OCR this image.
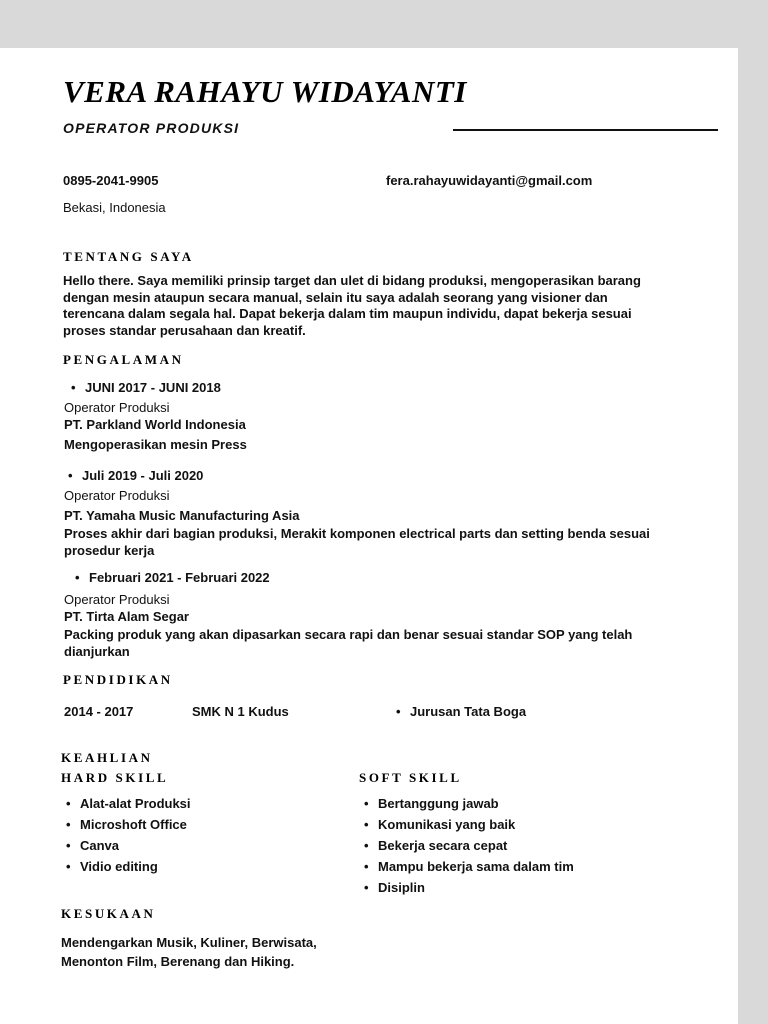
VERA RAHAYU WIDAYANTI
OPERATOR PRODUKSI
0895-2041-9905	fera.rahayuwidayanti@gmail.com
Bekasi, Indonesia
TENTANG SAYA
Hello there. Saya memiliki prinsip target dan ulet di bidang produksi, mengoperasikan barang dengan mesin ataupun secara manual, selain itu saya adalah seorang yang visioner dan terencana dalam segala hal. Dapat bekerja dalam tim maupun individu, dapat bekerja sesuai proses standar perusahaan dan kreatif.
PENGALAMAN
• JUNI 2017 - JUNI 2018
Operator Produksi
PT. Parkland World Indonesia
Mengoperasikan mesin Press
• Juli 2019 - Juli 2020
Operator Produksi
PT. Yamaha Music Manufacturing Asia
Proses akhir dari bagian produksi, Merakit komponen electrical parts dan setting benda sesuai prosedur kerja
• Februari 2021 - Februari 2022
Operator Produksi
PT. Tirta Alam Segar
Packing produk yang akan dipasarkan secara rapi dan benar sesuai standar SOP yang telah dianjurkan
PENDIDIKAN
2014 - 2017	SMK N 1 Kudus
•	Jurusan Tata Boga
KEAHLIAN
HARD SKILL	SOFT SKILL
• Alat-alat Produksi
• Microshoft Office
• Canva
• Vidio editing
• Bertanggung jawab
• Komunikasi yang baik
• Bekerja secara cepat
• Mampu bekerja sama dalam tim
• Disiplin
KESUKAAN
Mendengarkan Musik, Kuliner, Berwisata, Menonton Film, Berenang dan Hiking.
